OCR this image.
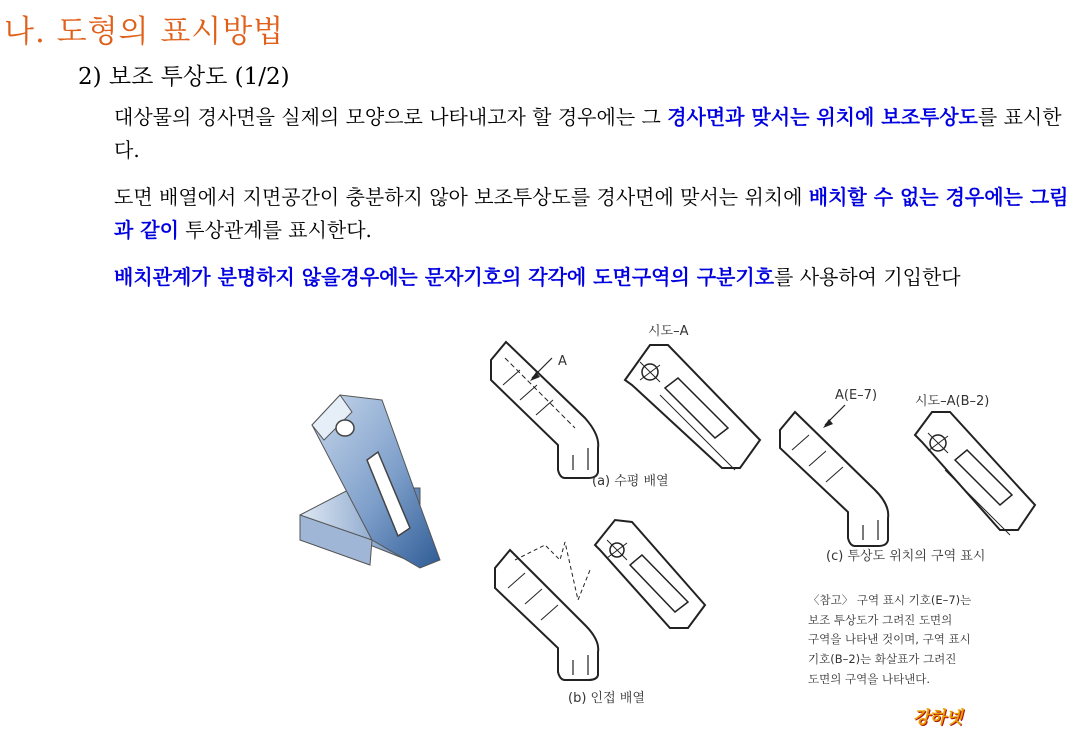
나. 도형의 표시방법
2) 보조 투상도 (1/2)
대상물의 경사면을 실제의 모양으로 나타내고자 할 경우에는 그 경사면과 맞서는 위치에 보조투상도를 표시한다.
도면 배열에서 지면공간이 충분하지 않아 보조투상도를 경사면에 맞서는 위치에 배치할 수 없는 경우에는 그림과 같이 투상관계를 표시한다.
배치관계가 분명하지 않을경우에는 문자기호의 각각에 도면구역의 구분기호를 사용하여 기입한다
A
시도–A
(a) 수평 배열
(b) 인접 배열
A(E–7)	시도–A(B–2)
(c) 투상도 위치의 구역 표시
〈참고〉 구역 표시 기호(E–7)는
보조 투상도가 그려진 도면의
구역을 나타낸 것이며, 구역 표시
기호(B–2)는 화살표가 그려진
도면의 구역을 나타낸다.
강하넷
